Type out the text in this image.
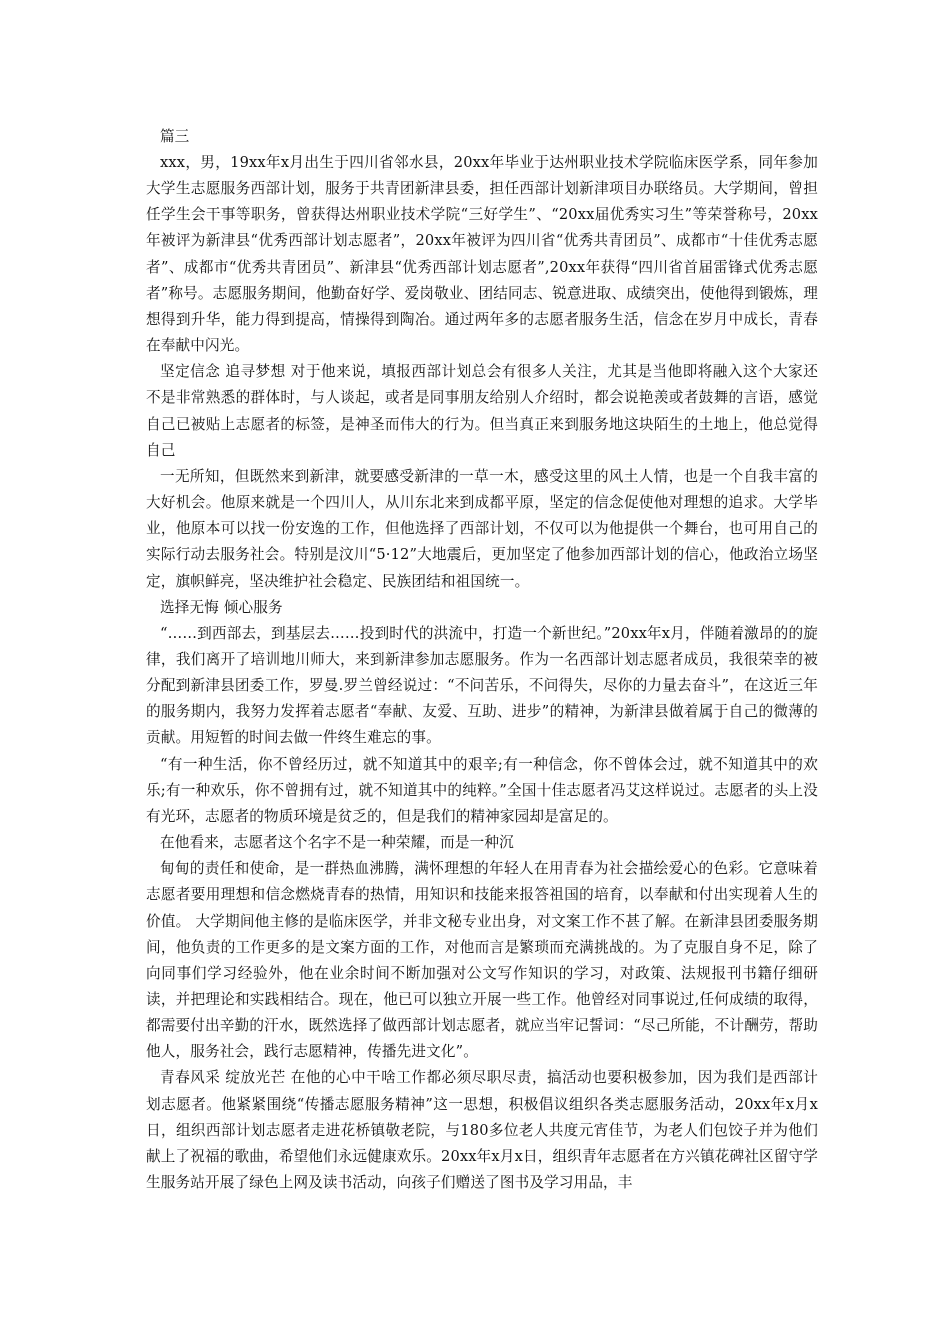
篇三

xxx，男，19xx年x月出生于四川省邻水县，20xx年毕业于达州职业技术学院临床医学系，同年参加大学生志愿服务西部计划，服务于共青团新津县委，担任西部计划新津项目办联络员。大学期间，曾担任学生会干事等职务，曾获得达州职业技术学院“三好学生”、“20xx届优秀实习生”等荣誉称号，20xx年被评为新津县“优秀西部计划志愿者”，20xx年被评为四川省“优秀共青团员”、成都市“十佳优秀志愿者”、成都市“优秀共青团员”、新津县“优秀西部计划志愿者”,20xx年获得“四川省首届雷锋式优秀志愿者”称号。志愿服务期间，他勤奋好学、爱岗敬业、团结同志、锐意进取、成绩突出，使他得到锻炼，理想得到升华，能力得到提高，情操得到陶冶。通过两年多的志愿者服务生活，信念在岁月中成长，青春在奉献中闪光。

坚定信念 追寻梦想 对于他来说，填报西部计划总会有很多人关注，尤其是当他即将融入这个大家还不是非常熟悉的群体时，与人谈起，或者是同事朋友给别人介绍时，都会说艳羡或者鼓舞的言语，感觉自己已被贴上志愿者的标签，是神圣而伟大的行为。但当真正来到服务地这块陌生的土地上，他总觉得自己

一无所知，但既然来到新津，就要感受新津的一草一木，感受这里的风土人情，也是一个自我丰富的大好机会。他原来就是一个四川人，从川东北来到成都平原，坚定的信念促使他对理想的追求。大学毕业，他原本可以找一份安逸的工作，但他选择了西部计划，不仅可以为他提供一个舞台，也可用自己的实际行动去服务社会。特别是汶川“5·12”大地震后，更加坚定了他参加西部计划的信心，他政治立场坚定，旗帜鲜亮，坚决维护社会稳定、民族团结和祖国统一。

选择无悔 倾心服务

“……到西部去，到基层去……投到时代的洪流中，打造一个新世纪。”20xx年x月，伴随着激昂的的旋律，我们离开了培训地川师大，来到新津参加志愿服务。作为一名西部计划志愿者成员，我很荣幸的被分配到新津县团委工作，罗曼.罗兰曾经说过：“不问苦乐，不问得失，尽你的力量去奋斗”，在这近三年的服务期内，我努力发挥着志愿者“奉献、友爱、互助、进步”的精神，为新津县做着属于自己的微薄的贡献。用短暂的时间去做一件终生难忘的事。

“有一种生活，你不曾经历过，就不知道其中的艰辛;有一种信念，你不曾体会过，就不知道其中的欢乐;有一种欢乐，你不曾拥有过，就不知道其中的纯粹。”全国十佳志愿者冯艾这样说过。志愿者的头上没有光环，志愿者的物质环境是贫乏的，但是我们的精神家园却是富足的。

在他看来，志愿者这个名字不是一种荣耀，而是一种沉

甸甸的责任和使命，是一群热血沸腾，满怀理想的年轻人在用青春为社会描绘爱心的色彩。它意味着志愿者要用理想和信念燃烧青春的热情，用知识和技能来报答祖国的培育，以奉献和付出实现着人生的价值。 大学期间他主修的是临床医学，并非文秘专业出身，对文案工作不甚了解。在新津县团委服务期间，他负责的工作更多的是文案方面的工作，对他而言是繁琐而充满挑战的。为了克服自身不足，除了向同事们学习经验外，他在业余时间不断加强对公文写作知识的学习，对政策、法规报刊书籍仔细研读，并把理论和实践相结合。现在，他已可以独立开展一些工作。他曾经对同事说过,任何成绩的取得，都需要付出辛勤的汗水，既然选择了做西部计划志愿者，就应当牢记誓词：“尽己所能，不计酬劳，帮助他人，服务社会，践行志愿精神，传播先进文化”。

青春风采 绽放光芒 在他的心中干啥工作都必须尽职尽责，搞活动也要积极参加，因为我们是西部计划志愿者。他紧紧围绕“传播志愿服务精神”这一思想，积极倡议组织各类志愿服务活动，20xx年x月x日，组织西部计划志愿者走进花桥镇敬老院，与180多位老人共度元宵佳节，为老人们包饺子并为他们献上了祝福的歌曲，希望他们永远健康欢乐。20xx年x月x日，组织青年志愿者在方兴镇花碑社区留守学生服务站开展了绿色上网及读书活动，向孩子们赠送了图书及学习用品，丰
